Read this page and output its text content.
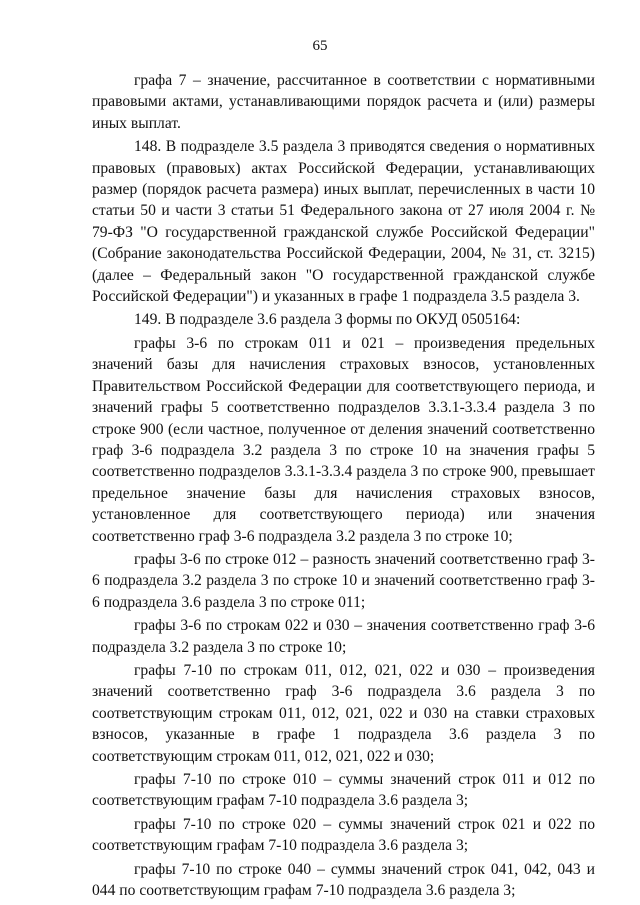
65

графа 7 – значение, рассчитанное в соответствии с нормативными правовыми актами, устанавливающими порядок расчета и (или) размеры иных выплат.

148. В подразделе 3.5 раздела 3 приводятся сведения о нормативных правовых (правовых) актах Российской Федерации, устанавливающих размер (порядок расчета размера) иных выплат, перечисленных в части 10 статьи 50 и части 3 статьи 51 Федерального закона от 27 июля 2004 г. № 79-ФЗ "О государственной гражданской службе Российской Федерации" (Собрание законодательства Российской Федерации, 2004, № 31, ст. 3215) (далее – Федеральный закон "О государственной гражданской службе Российской Федерации") и указанных в графе 1 подраздела 3.5 раздела 3.

149. В подразделе 3.6 раздела 3 формы по ОКУД 0505164:

графы 3-6 по строкам 011 и 021 – произведения предельных значений базы для начисления страховых взносов, установленных Правительством Российской Федерации для соответствующего периода, и значений графы 5 соответственно подразделов 3.3.1-3.3.4 раздела 3 по строке 900 (если частное, полученное от деления значений соответственно граф 3-6 подраздела 3.2 раздела 3 по строке 10 на значения графы 5 соответственно подразделов 3.3.1-3.3.4 раздела 3 по строке 900, превышает предельное значение базы для начисления страховых взносов, установленное для соответствующего периода) или значения соответственно граф 3-6 подраздела 3.2 раздела 3 по строке 10;

графы 3-6 по строке 012 – разность значений соответственно граф 3-6 подраздела 3.2 раздела 3 по строке 10 и значений соответственно граф 3-6 подраздела 3.6 раздела 3 по строке 011;

графы 3-6 по строкам 022 и 030 – значения соответственно граф 3-6 подраздела 3.2 раздела 3 по строке 10;

графы 7-10 по строкам 011, 012, 021, 022 и 030 – произведения значений соответственно граф 3-6 подраздела 3.6 раздела 3 по соответствующим строкам 011, 012, 021, 022 и 030 на ставки страховых взносов, указанные в графе 1 подраздела 3.6 раздела 3 по соответствующим строкам 011, 012, 021, 022 и 030;

графы 7-10 по строке 010 – суммы значений строк 011 и 012 по соответствующим графам 7-10 подраздела 3.6 раздела 3;

графы 7-10 по строке 020 – суммы значений строк 021 и 022 по соответствующим графам 7-10 подраздела 3.6 раздела 3;

графы 7-10 по строке 040 – суммы значений строк 041, 042, 043 и 044 по соответствующим графам 7-10 подраздела 3.6 раздела 3;
